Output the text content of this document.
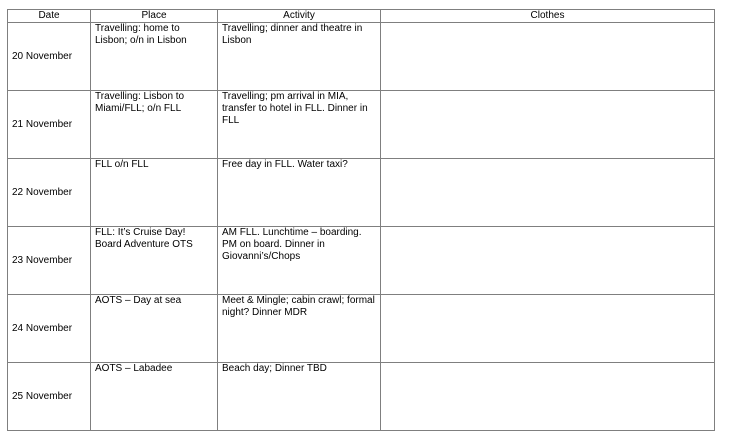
Date	Place	Activity	Clothes
20 November	Travelling: home to Lisbon; o/n in Lisbon	Travelling; dinner and theatre in Lisbon	
21 November	Travelling: Lisbon to Miami/FLL; o/n FLL	Travelling; pm arrival in MIA, transfer to hotel in FLL. Dinner in FLL	
22 November	FLL o/n FLL	Free day in FLL. Water taxi?	
23 November	FLL: It’s Cruise Day! Board Adventure OTS	AM FLL. Lunchtime – boarding. PM on board. Dinner in Giovanni’s/Chops	
24 November	AOTS – Day at sea	Meet & Mingle; cabin crawl; formal night? Dinner MDR	
25 November	AOTS – Labadee	Beach day; Dinner TBD	
